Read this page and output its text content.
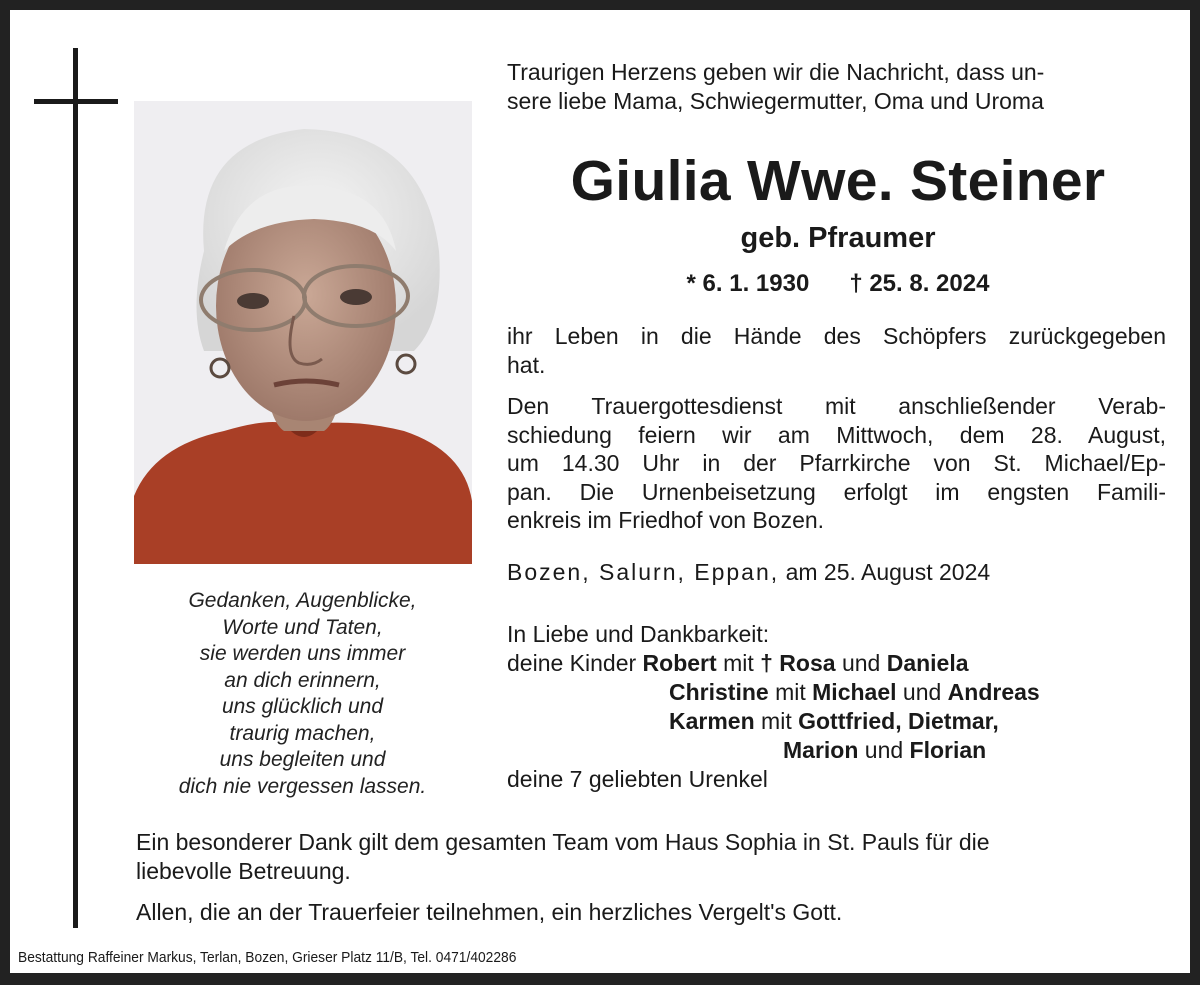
Gedanken, Augenblicke,
Worte und Taten,
sie werden uns immer
an dich erinnern,
uns glücklich und
traurig machen,
uns begleiten und
dich nie vergessen lassen.
Traurigen Herzens geben wir die Nachricht, dass un-
sere liebe Mama, Schwiegermutter, Oma und Uroma
Giulia Wwe. Steiner
geb. Pfraumer
* 6. 1. 1930 † 25. 8. 2024
ihr Leben in die Hände des Schöpfers zurückgegeben
hat.
Den Trauergottesdienst mit anschließender Verab-
schiedung feiern wir am Mittwoch, dem 28. August,
um 14.30 Uhr in der Pfarrkirche von St. Michael/Ep-
pan. Die Urnenbeisetzung erfolgt im engsten Famili-
enkreis im Friedhof von Bozen.
Bozen, Salurn, Eppan, am 25. August 2024
In Liebe und Dankbarkeit:
deine Kinder Robert mit † Rosa und Daniela
Christine mit Michael und Andreas
Karmen mit Gottfried, Dietmar,
Marion und Florian
deine 7 geliebten Urenkel
Ein besonderer Dank gilt dem gesamten Team vom Haus Sophia in St. Pauls für die
liebevolle Betreuung.
Allen, die an der Trauerfeier teilnehmen, ein herzliches Vergelt's Gott.
Bestattung Raffeiner Markus, Terlan, Bozen, Grieser Platz 11/B, Tel. 0471/402286
